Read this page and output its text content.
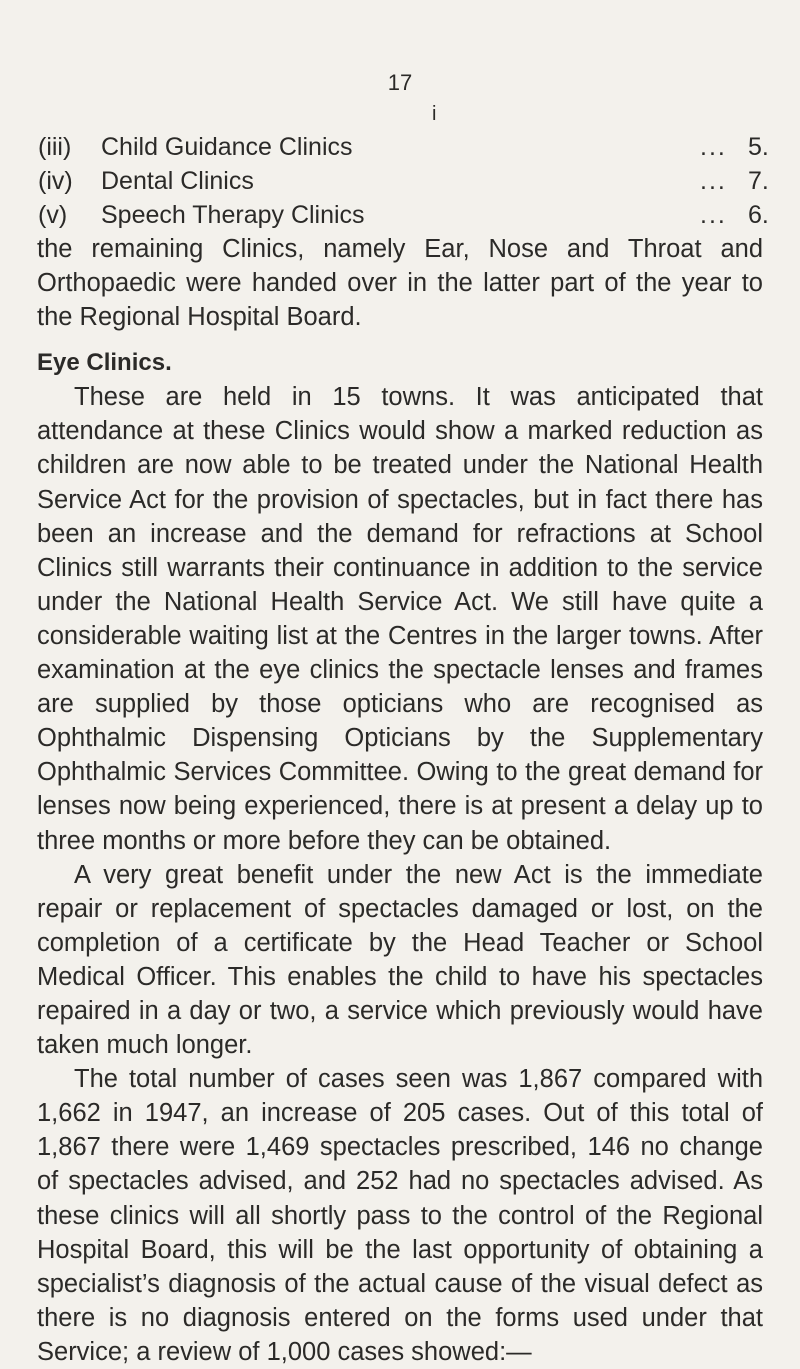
17
i
(iii) Child Guidance Clinics	... 5.
(iv) Dental Clinics	... 7.
(v) Speech Therapy Clinics	... 6.

the remaining Clinics, namely Ear, Nose and Throat and Orthopaedic were handed over in the latter part of the year to the Regional Hospital Board.

Eye Clinics.

These are held in 15 towns. It was anticipated that attendance at these Clinics would show a marked reduction as children are now able to be treated under the National Health Service Act for the provision of spectacles, but in fact there has been an increase and the demand for refractions at School Clinics still warrants their continuance in addition to the service under the National Health Service Act. We still have quite a considerable waiting list at the Centres in the larger towns. After examination at the eye clinics the spectacle lenses and frames are supplied by those opticians who are recognised as Ophthalmic Dispensing Opticians by the Supplementary Ophthalmic Services Committee. Owing to the great demand for lenses now being experienced, there is at present a delay up to three months or more before they can be obtained.

A very great benefit under the new Act is the immediate repair or replacement of spectacles damaged or lost, on the completion of a certificate by the Head Teacher or School Medical Officer. This enables the child to have his spectacles repaired in a day or two, a service which previously would have taken much longer.

The total number of cases seen was 1,867 compared with 1,662 in 1947, an increase of 205 cases. Out of this total of 1,867 there were 1,469 spectacles prescribed, 146 no change of spectacles advised, and 252 had no spectacles advised. As these clinics will all shortly pass to the control of the Regional Hospital Board, this will be the last opportunity of obtaining a specialist’s diagnosis of the actual cause of the visual defect as there is no diagnosis entered on the forms used under that Service; a review of 1,000 cases showed:—
